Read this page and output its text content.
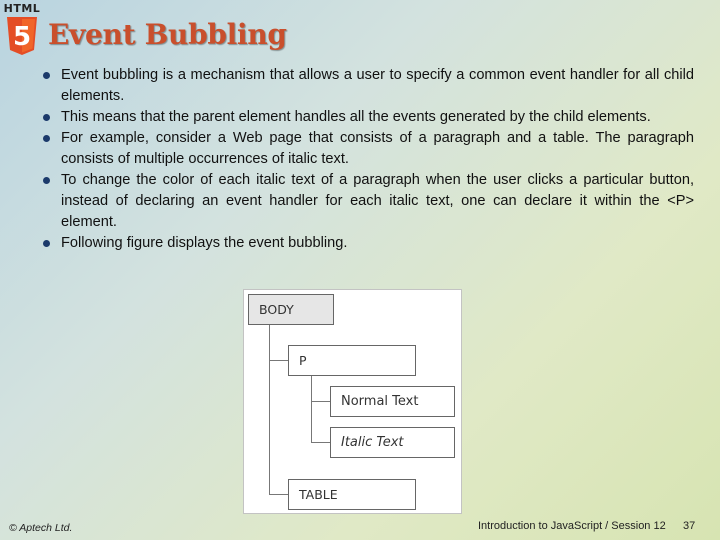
HTML
5 Event Bubbling
Event bubbling is a mechanism that allows a user to specify a common event handler for all child elements.
This means that the parent element handles all the events generated by the child elements.
For example, consider a Web page that consists of a paragraph and a table. The paragraph consists of multiple occurrences of italic text.
To change the color of each italic text of a paragraph when the user clicks a particular button, instead of declaring an event handler for each italic text, one can declare it within the <P> element.
Following figure displays the event bubbling.
BODY
P
Normal Text
Italic Text
TABLE
© Aptech Ltd.	Introduction to JavaScript / Session 12 37
